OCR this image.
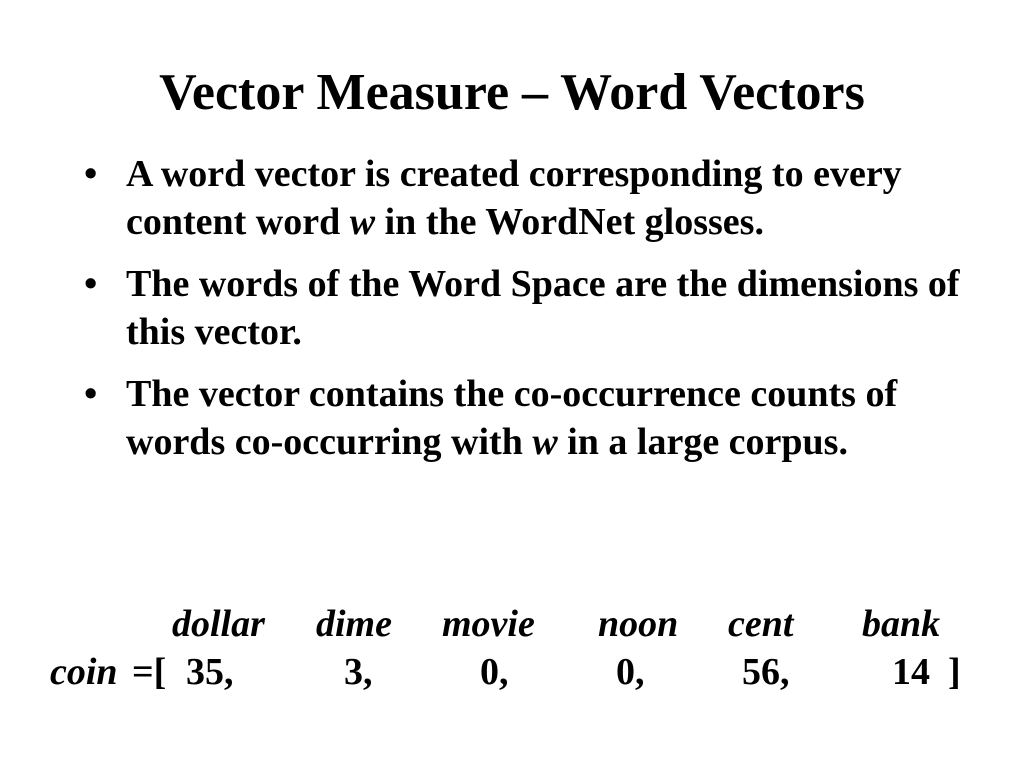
Vector Measure – Word Vectors
• A word vector is created corresponding to every content word w in the WordNet glosses.
• The words of the Word Space are the dimensions of this vector.
• The vector contains the co-occurrence counts of words co-occurring with w in a large corpus.
dollar dime movie noon cent bank
coin =[ 35,	3,	0,	0,	56,	14 ]
